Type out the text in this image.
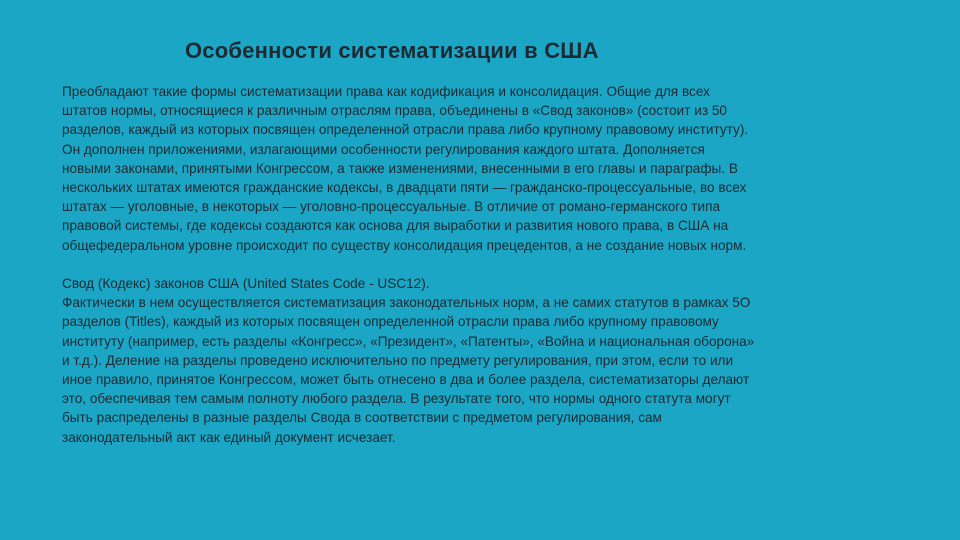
Особенности систематизации в США
Преобладают такие формы систематизации права как кодификация и консолидация. Общие для всех
штатов нормы, относящиеся к различным отраслям права, объединены в «Свод законов» (состоит из 50
разделов, каждый из которых посвящен определенной отрасли права либо крупному правовому институту).
Он дополнен приложениями, излагающими особенности регулирования каждого штата. Дополняется
новыми законами, принятыми Конгрессом, а также изменениями, внесенными в его главы и параграфы. В
нескольких штатах имеются гражданские кодексы, в двадцати пяти — гражданско-процессуальные, во всех
штатах — уголовные, в некоторых — уголовно-процессуальные. В отличие от романо-германского типа
правовой системы, где кодексы создаются как основа для выработки и развития нового права, в США на
общефедеральном уровне происходит по существу консолидация прецедентов, а не создание новых норм.
Свод (Кодекс) законов США (United States Code - USC12).
Фактически в нем осуществляется систематизация законодательных норм, а не самих статутов в рамках 5О
разделов (Titles), каждый из которых посвящен определенной отрасли права либо крупному правовому
институту (например, есть разделы «Конгресс», «Президент», «Патенты», «Война и национальная оборона»
и т.д.). Деление на разделы проведено исключительно по предмету регулирования, при этом, если то или
иное правило, принятое Конгрессом, может быть отнесено в два и более раздела, систематизаторы делают
это, обеспечивая тем самым полноту любого раздела. В результате того, что нормы одного статута могут
быть распределены в разные разделы Свода в соответствии с предметом регулирования, сам
законодательный акт как единый документ исчезает.
